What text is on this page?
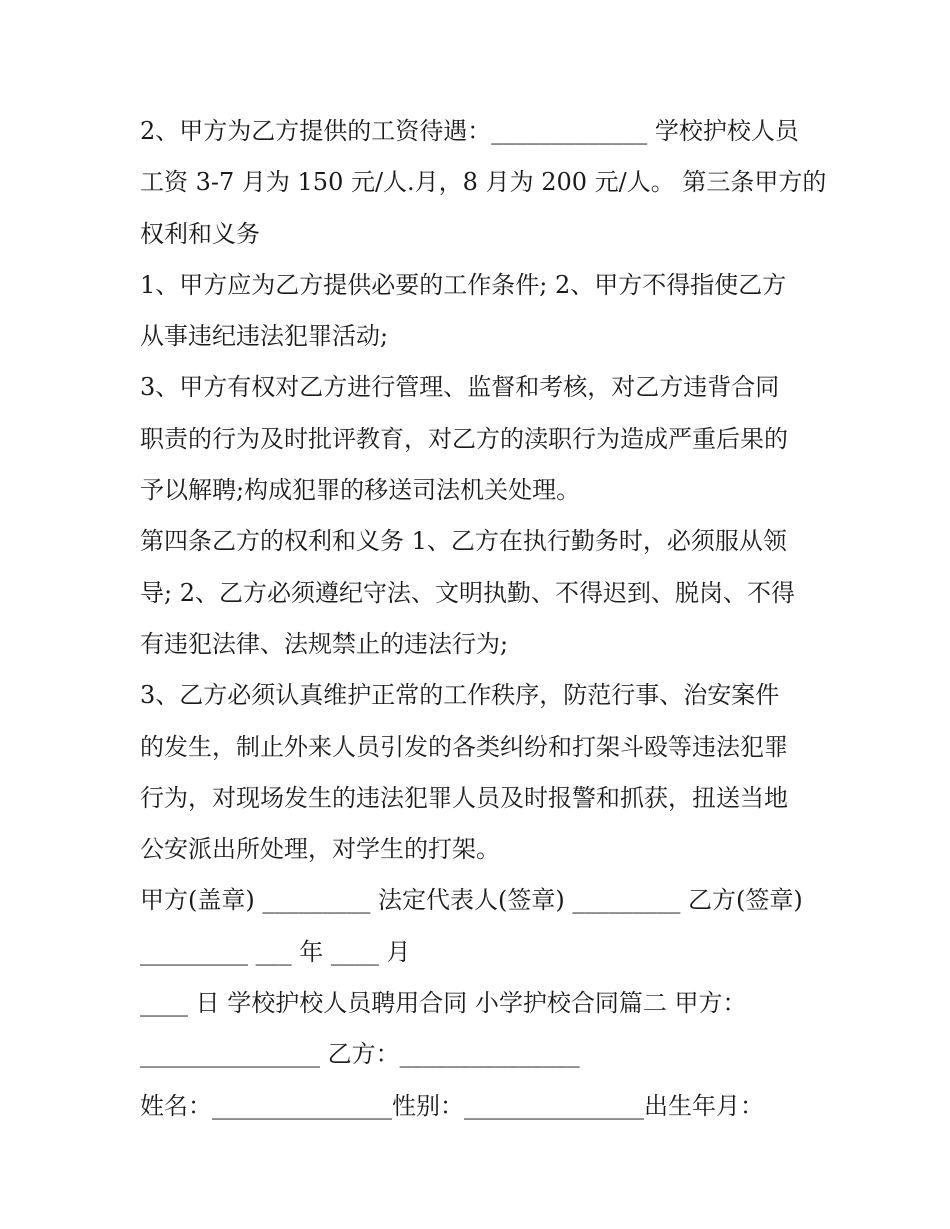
2、甲方为乙方提供的工资待遇：_____________ 学校护校人员
工资 3-7 月为 150 元/人.月，8 月为 200 元/人。 第三条甲方的
权利和义务
1、甲方应为乙方提供必要的工作条件; 2、甲方不得指使乙方
从事违纪违法犯罪活动;
3、甲方有权对乙方进行管理、监督和考核，对乙方违背合同
职责的行为及时批评教育，对乙方的渎职行为造成严重后果的
予以解聘;构成犯罪的移送司法机关处理。
第四条乙方的权利和义务 1、乙方在执行勤务时，必须服从领
导; 2、乙方必须遵纪守法、文明执勤、不得迟到、脱岗、不得
有违犯法律、法规禁止的违法行为;
3、乙方必须认真维护正常的工作秩序，防范行事、治安案件
的发生，制止外来人员引发的各类纠纷和打架斗殴等违法犯罪
行为，对现场发生的违法犯罪人员及时报警和抓获，扭送当地
公安派出所处理，对学生的打架。
甲方(盖章) _________ 法定代表人(签章) _________ 乙方(签章)
_________ ___ 年 ____ 月
____ 日 学校护校人员聘用合同 小学护校合同篇二 甲方：
_______________ 乙方：_______________
姓名：_______________性别：_______________出生年月：
